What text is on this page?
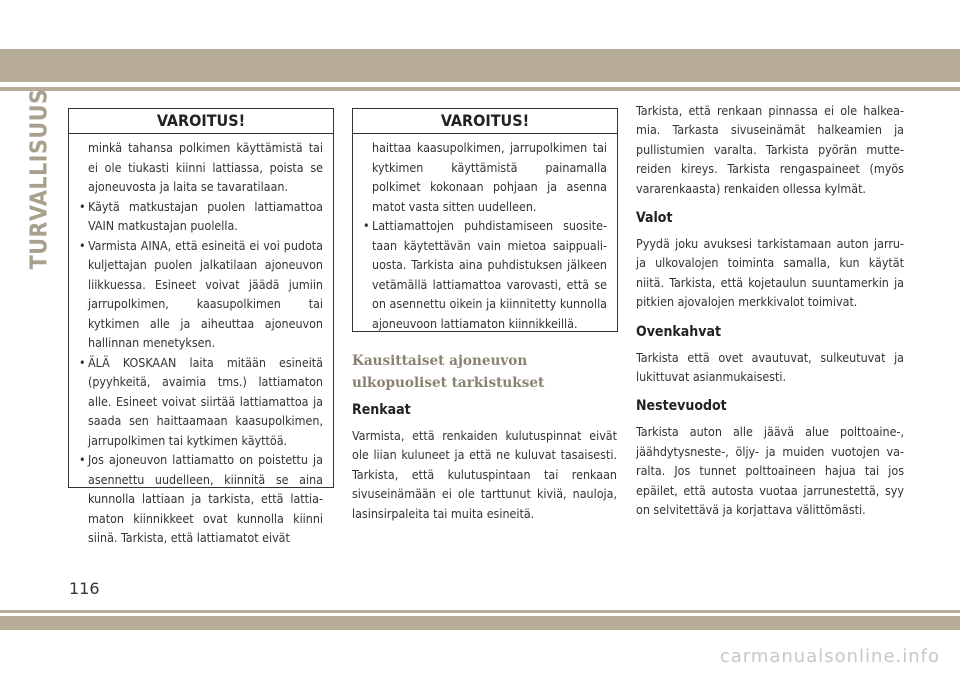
TURVALLISUUS	VAROITUS!

minkä tahansa polkimen käyttämistä tai ei ole tiukasti kiinni lattiassa, poista se ajoneuvosta ja laita se tavaratilaan.

• Käytä matkustajan puolen lattiamattoa VAIN matkustajan puolella.
• Varmista AINA, että esineitä ei voi pudota kuljettajan puolen jalkatilaan ajoneuvon liikkuessa. Esineet voivat jäädä jumiin jarrupolkimen, kaasupolkimen tai kytkimen alle ja aiheuttaa ajoneuvon hallinnan menetyksen.
• ÄLÄ KOSKAAN laita mitään esineitä (pyyhkeitä, avaimia tms.) lattiamaton alle. Esineet voivat siirtää lattiamattoa ja saada sen haittaamaan kaasupolkimen, jarrupolkimen tai kytkimen käyttöä.
• Jos ajoneuvon lattiamatto on poistettu ja asennettu uudelleen, kiinnitä se aina kunnolla lattiaan ja tarkista, että lattiamaton kiinnikkeet ovat kunnolla kiinni siinä. Tarkista, että lattiamatot eivät
VAROITUS!

haittaa kaasupolkimen, jarrupolkimen tai kytkimen käyttämistä painamalla polkimet kokonaan pohjaan ja asenna matot vasta sitten uudelleen.

• Lattiamattojen puhdistamiseen suositetaan käytettävän vain mietoa saippualiuosta. Tarkista aina puhdistuksen jälkeen vetämällä lattiamattoa varovasti, että se on asennettu oikein ja kiinnitetty kunnolla ajoneuvoon lattiamaton kiinnikkeillä.
Kausittaiset ajoneuvon ulkopuoliset tarkistukset
Renkaat

Varmista, että renkaiden kulutuspinnat eivät ole liian kuluneet ja että ne kuluvat tasaisesti. Tarkista, että kulutuspintaan tai renkaan sivuseinämään ei ole tarttunut kiviä, nauloja, lasinsirpaleita tai muita esineitä.

Tarkista, että renkaan pinnassa ei ole halkeamia. Tarkasta sivuseinämät halkeamien ja pullistumien varalta. Tarkista pyörän muttereiden kireys. Tarkista rengaspaineet (myös vararenkaasta) renkaiden ollessa kylmät.

Valot

Pyydä joku avuksesi tarkistamaan auton jarru- ja ulkovalojen toiminta samalla, kun käytät niitä. Tarkista, että kojetaulun suuntamerkin ja pitkien ajovalojen merkkivalot toimivat.

Ovenkahvat

Tarkista että ovet avautuvat, sulkeutuvat ja lukittuvat asianmukaisesti.

Nestevuodot

Tarkista auton alle jäävä alue polttoaine-, jäähdytysneste-, öljy- ja muiden vuotojen varalta. Jos tunnet polttoaineen hajua tai jos epäilet, että autosta vuotaa jarrunestettä, syy on selvitettävä ja korjattava välittömästi.

116
carmanualsonline.info
